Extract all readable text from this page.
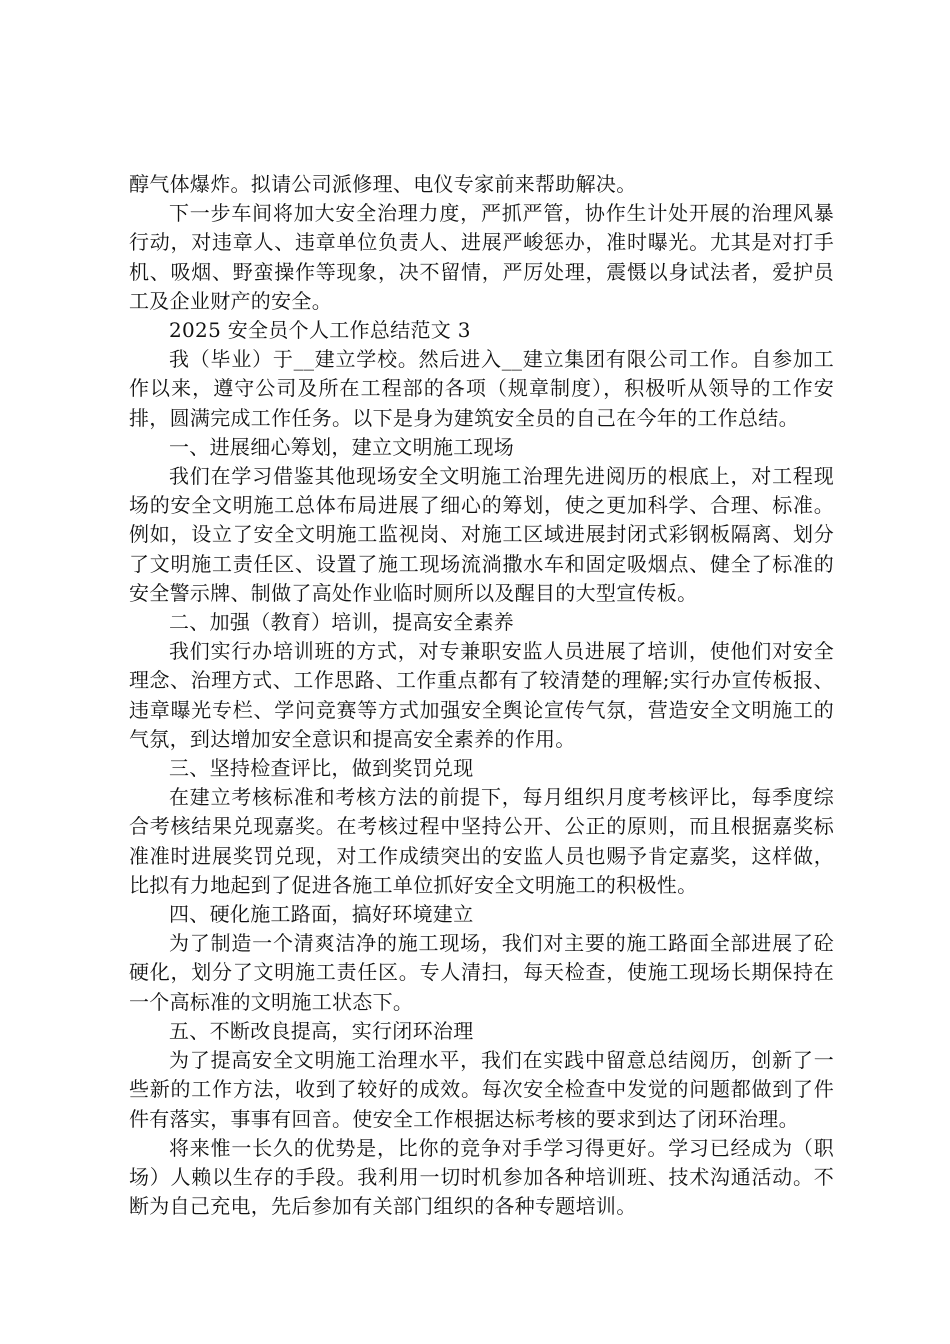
醇气体爆炸。拟请公司派修理、电仪专家前来帮助解决。

下一步车间将加大安全治理力度，严抓严管，协作生计处开展的治理风暴行动，对违章人、违章单位负责人、进展严峻惩办，准时曝光。尤其是对打手机、吸烟、野蛮操作等现象，决不留情，严厉处理，震慑以身试法者，爱护员工及企业财产的安全。

2025 安全员个人工作总结范文 3

我（毕业）于__建立学校。然后进入__建立集团有限公司工作。自参加工作以来，遵守公司及所在工程部的各项（规章制度），积极听从领导的工作安排，圆满完成工作任务。以下是身为建筑安全员的自己在今年的工作总结。

一、进展细心筹划，建立文明施工现场

我们在学习借鉴其他现场安全文明施工治理先进阅历的根底上，对工程现场的安全文明施工总体布局进展了细心的筹划，使之更加科学、合理、标准。例如，设立了安全文明施工监视岗、对施工区域进展封闭式彩钢板隔离、划分了文明施工责任区、设置了施工现场流淌撒水车和固定吸烟点、健全了标准的安全警示牌、制做了高处作业临时厕所以及醒目的大型宣传板。

二、加强（教育）培训，提高安全素养

我们实行办培训班的方式，对专兼职安监人员进展了培训，使他们对安全理念、治理方式、工作思路、工作重点都有了较清楚的理解;实行办宣传板报、违章曝光专栏、学问竞赛等方式加强安全舆论宣传气氛，营造安全文明施工的气氛，到达增加安全意识和提高安全素养的作用。

三、坚持检查评比，做到奖罚兑现

在建立考核标准和考核方法的前提下，每月组织月度考核评比，每季度综合考核结果兑现嘉奖。在考核过程中坚持公开、公正的原则，而且根据嘉奖标准准时进展奖罚兑现，对工作成绩突出的安监人员也赐予肯定嘉奖，这样做，比拟有力地起到了促进各施工单位抓好安全文明施工的积极性。

四、硬化施工路面，搞好环境建立

为了制造一个清爽洁净的施工现场，我们对主要的施工路面全部进展了砼硬化，划分了文明施工责任区。专人清扫，每天检查，使施工现场长期保持在一个高标准的文明施工状态下。

五、不断改良提高，实行闭环治理

为了提高安全文明施工治理水平，我们在实践中留意总结阅历，创新了一些新的工作方法，收到了较好的成效。每次安全检查中发觉的问题都做到了件件有落实，事事有回音。使安全工作根据达标考核的要求到达了闭环治理。

将来惟一长久的优势是，比你的竞争对手学习得更好。学习已经成为（职场）人赖以生存的手段。我利用一切时机参加各种培训班、技术沟通活动。不断为自己充电，先后参加有关部门组织的各种专题培训。
